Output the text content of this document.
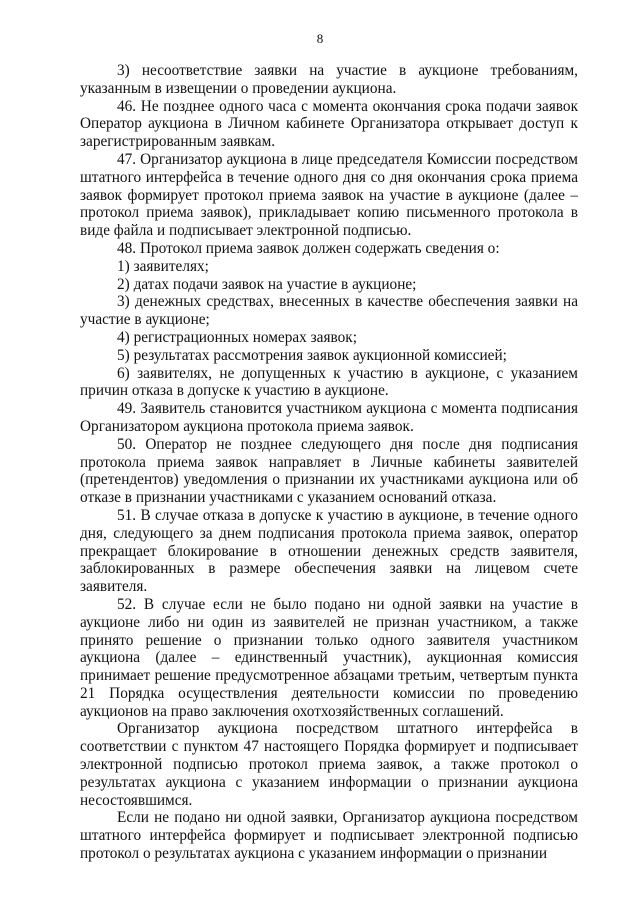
8

3) несоответствие заявки на участие в аукционе требованиям, указанным в извещении о проведении аукциона.

46. Не позднее одного часа с момента окончания срока подачи заявок Оператор аукциона в Личном кабинете Организатора открывает доступ к зарегистрированным заявкам.

47. Организатор аукциона в лице председателя Комиссии посредством штатного интерфейса в течение одного дня со дня окончания срока приема заявок формирует протокол приема заявок на участие в аукционе (далее – протокол приема заявок), прикладывает копию письменного протокола в виде файла и подписывает электронной подписью.

48. Протокол приема заявок должен содержать сведения о:

1) заявителях;

2) датах подачи заявок на участие в аукционе;

3) денежных средствах, внесенных в качестве обеспечения заявки на участие в аукционе;

4) регистрационных номерах заявок;

5) результатах рассмотрения заявок аукционной комиссией;

6) заявителях, не допущенных к участию в аукционе, с указанием причин отказа в допуске к участию в аукционе.

49. Заявитель становится участником аукциона с момента подписания Организатором аукциона протокола приема заявок.

50. Оператор не позднее следующего дня после дня подписания протокола приема заявок направляет в Личные кабинеты заявителей (претендентов) уведомления о признании их участниками аукциона или об отказе в признании участниками с указанием оснований отказа.

51. В случае отказа в допуске к участию в аукционе, в течение одного дня, следующего за днем подписания протокола приема заявок, оператор прекращает блокирование в отношении денежных средств заявителя, заблокированных в размере обеспечения заявки на лицевом счете заявителя.

52. В случае если не было подано ни одной заявки на участие в аукционе либо ни один из заявителей не признан участником, а также принято решение о признании только одного заявителя участником аукциона (далее – единственный участник), аукционная комиссия принимает решение предусмотренное абзацами третьим, четвертым пункта 21 Порядка осуществления деятельности комиссии по проведению аукционов на право заключения охотхозяйственных соглашений.

Организатор аукциона посредством штатного интерфейса в соответствии с пунктом 47 настоящего Порядка формирует и подписывает электронной подписью протокол приема заявок, а также протокол о результатах аукциона с указанием информации о признании аукциона несостоявшимся.

Если не подано ни одной заявки, Организатор аукциона посредством штатного интерфейса формирует и подписывает электронной подписью протокол о результатах аукциона с указанием информации о признании
